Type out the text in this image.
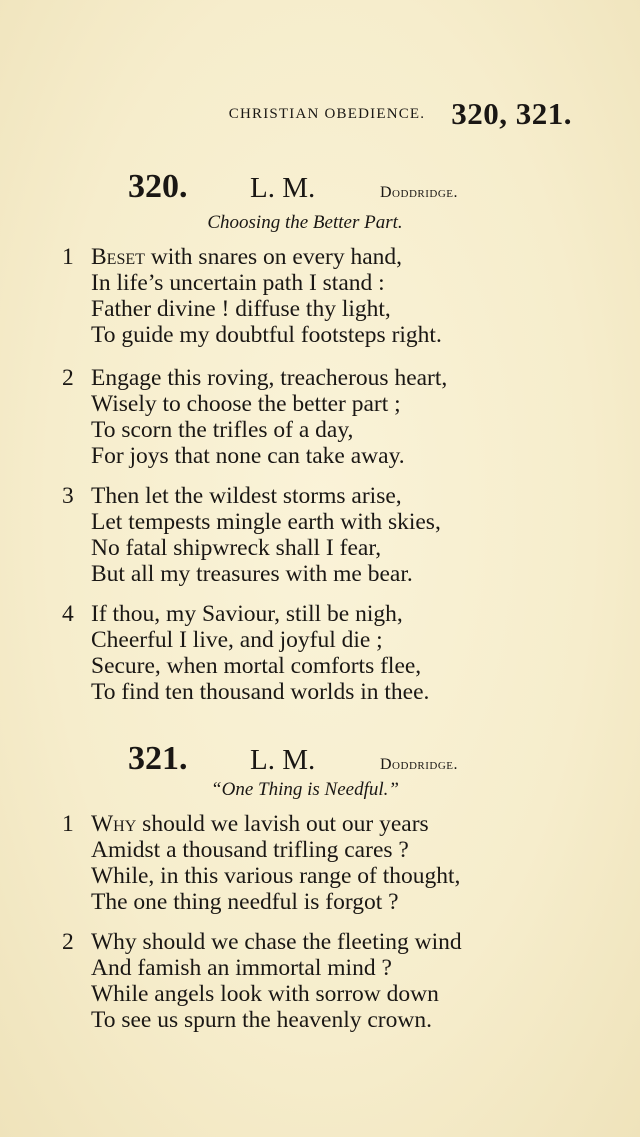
CHRISTIAN OBEDIENCE. 320, 321.
320. L. M.	Doddridge.
Choosing the Better Part.
1 Beset with snares on every hand,
In life’s uncertain path I stand :
Father divine ! diffuse thy light,
To guide my doubtful footsteps right.
2 Engage this roving, treacherous heart,
Wisely to choose the better part ;
To scorn the trifles of a day,
For joys that none can take away.
3 Then let the wildest storms arise,
Let tempests mingle earth with skies,
No fatal shipwreck shall I fear,
But all my treasures with me bear.
4 If thou, my Saviour, still be nigh,
Cheerful I live, and joyful die ;
Secure, when mortal comforts flee,
To find ten thousand worlds in thee.
321. L. M.	Doddridge.
“One Thing is Needful.”
1 Why should we lavish out our years
Amidst a thousand trifling cares ?
While, in this various range of thought,
The one thing needful is forgot ?
2 Why should we chase the fleeting wind
And famish an immortal mind ?
While angels look with sorrow down
To see us spurn the heavenly crown.
